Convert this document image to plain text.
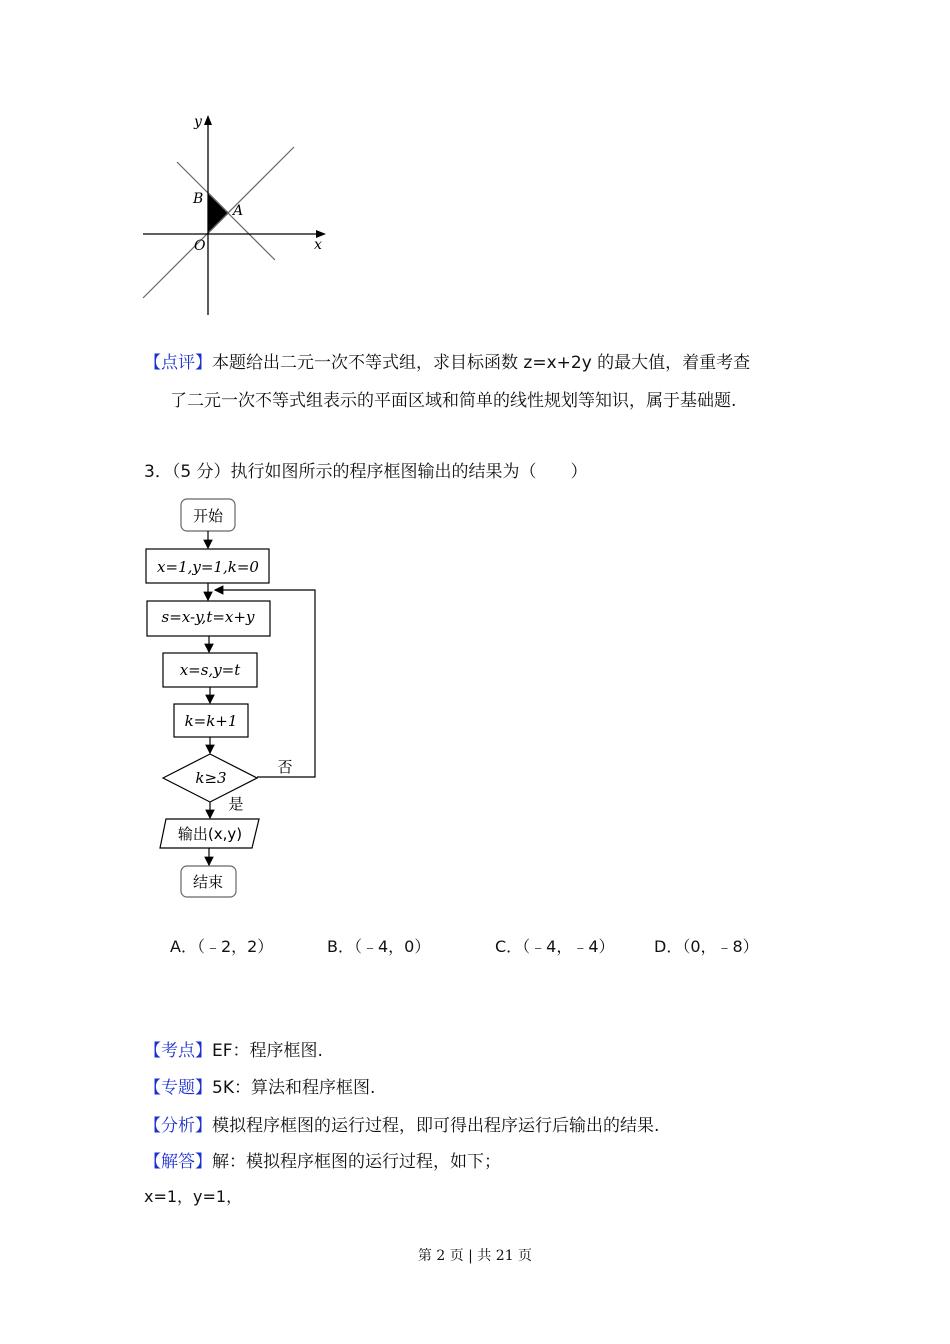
y
x
O
B
A
【点评】本题给出二元一次不等式组，求目标函数 z=x+2y 的最大值，着重考查
了二元一次不等式组表示的平面区域和简单的线性规划等知识，属于基础题.
3．（5 分）执行如图所示的程序框图输出的结果为（　　）
开始
x=1,y=1,k=0
s=x-y,t=x+y
x=s,y=t
k=k+1
k≥3
否
是
输出(x,y)
结束
A．（﹣2，2）	B．（﹣4，0）	C．（﹣4，﹣4） D．（0，﹣8）
【考点】EF：程序框图.
【专题】5K：算法和程序框图.
【分析】模拟程序框图的运行过程，即可得出程序运行后输出的结果.
【解答】解：模拟程序框图的运行过程，如下；
x=1，y=1，
第 2 页 | 共 21 页
